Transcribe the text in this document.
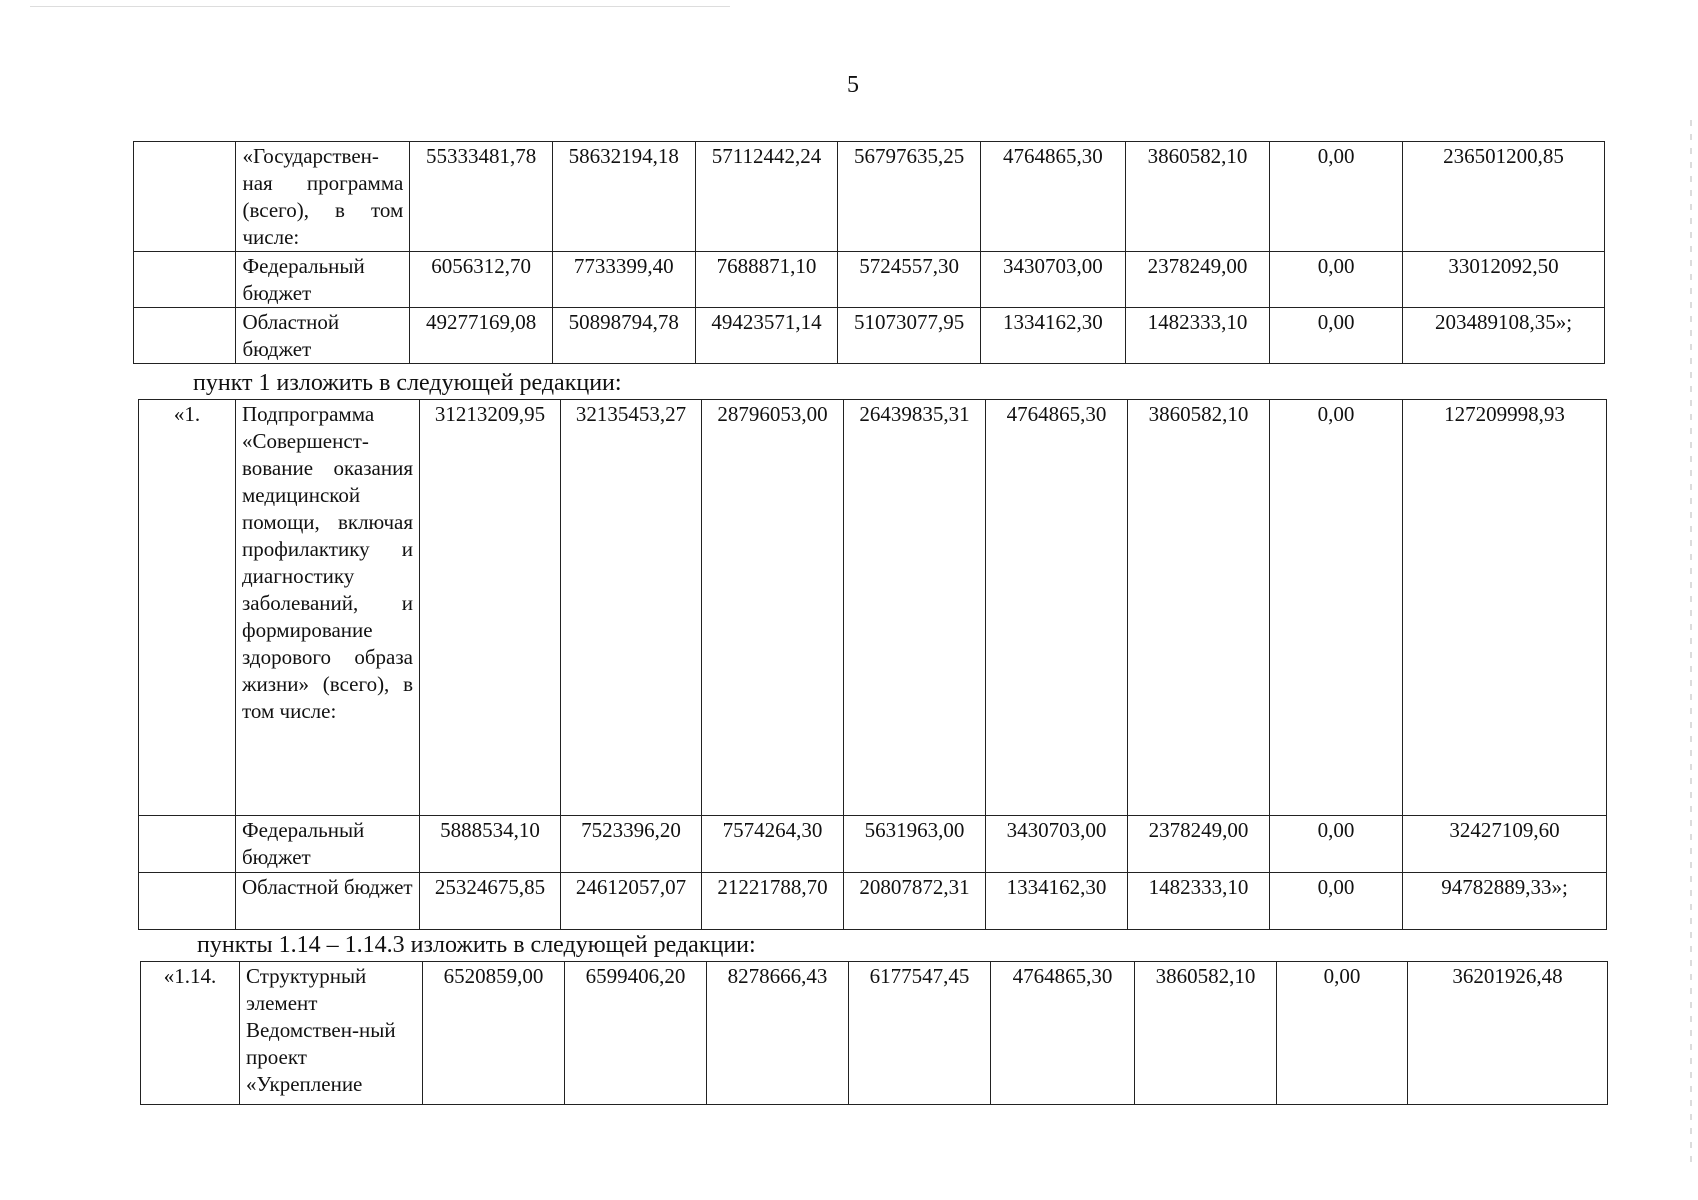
5
	«Государствен-ная программа (всего), в том числе:	55333481,78	58632194,18	57112442,24	56797635,25	4764865,30	3860582,10	0,00	236501200,85
	Федеральный бюджет	6056312,70	7733399,40	7688871,10	5724557,30	3430703,00	2378249,00	0,00	33012092,50
	Областной бюджет	49277169,08	50898794,78	49423571,14	51073077,95	1334162,30	1482333,10	0,00	203489108,35»;
пункт 1 изложить в следующей редакции:
«1.	Подпрограмма «Совершенст-вование оказания медицинской помощи, включая профилактику и диагностику заболеваний, и формирование здорового образа жизни» (всего), в том числе:	31213209,95	32135453,27	28796053,00	26439835,31	4764865,30	3860582,10	0,00	127209998,93
	Федеральный бюджет	5888534,10	7523396,20	7574264,30	5631963,00	3430703,00	2378249,00	0,00	32427109,60
	Областной бюджет	25324675,85	24612057,07	21221788,70	20807872,31	1334162,30	1482333,10	0,00	94782889,33»;
пункты 1.14 – 1.14.3 изложить в следующей редакции:
«1.14.	Структурный элемент Ведомствен-ный проект «Укрепление	6520859,00	6599406,20	8278666,43	6177547,45	4764865,30	3860582,10	0,00	36201926,48
